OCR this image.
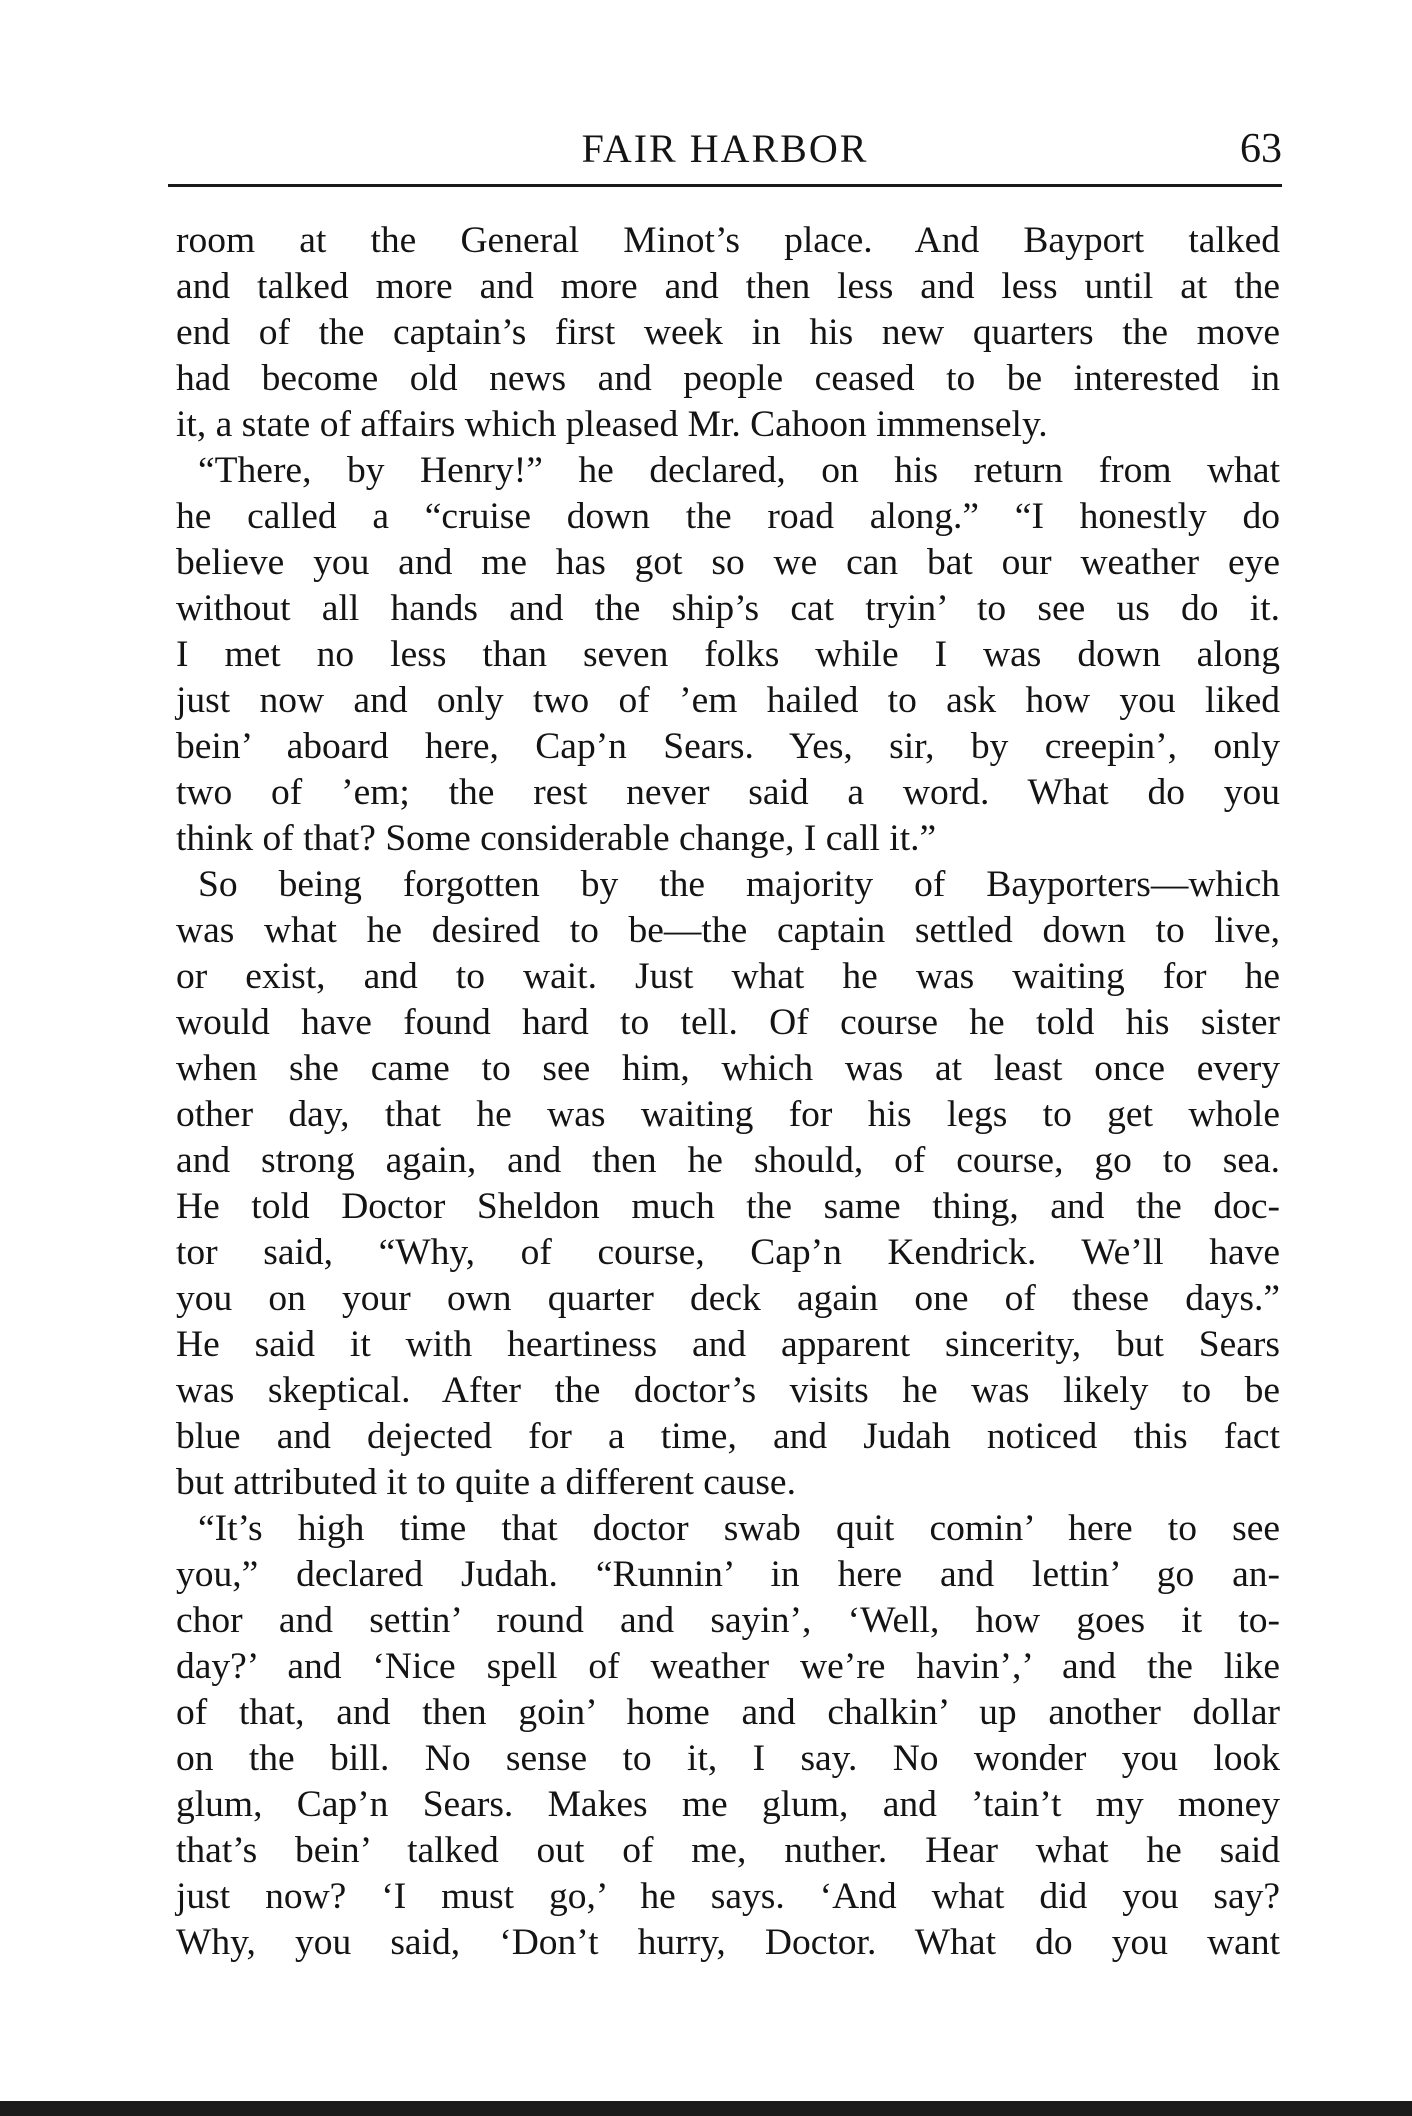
FAIR HARBOR	63
room at the General Minot’s place. And Bayport talked
and talked more and more and then less and less until at the
end of the captain’s first week in his new quarters the move
had become old news and people ceased to be interested in
it, a state of affairs which pleased Mr. Cahoon immensely.
“There, by Henry!” he declared, on his return from what
he called a “cruise down the road along.” “I honestly do
believe you and me has got so we can bat our weather eye
without all hands and the ship’s cat tryin’ to see us do it.
I met no less than seven folks while I was down along
just now and only two of ’em hailed to ask how you liked
bein’ aboard here, Cap’n Sears. Yes, sir, by creepin’, only
two of ’em; the rest never said a word. What do you
think of that? Some considerable change, I call it.”
So being forgotten by the majority of Bayporters—which
was what he desired to be—the captain settled down to live,
or exist, and to wait. Just what he was waiting for he
would have found hard to tell. Of course he told his sister
when she came to see him, which was at least once every
other day, that he was waiting for his legs to get whole
and strong again, and then he should, of course, go to sea.
He told Doctor Sheldon much the same thing, and the doc-
tor said, “Why, of course, Cap’n Kendrick. We’ll have
you on your own quarter deck again one of these days.”
He said it with heartiness and apparent sincerity, but Sears
was skeptical. After the doctor’s visits he was likely to be
blue and dejected for a time, and Judah noticed this fact
but attributed it to quite a different cause.
“It’s high time that doctor swab quit comin’ here to see
you,” declared Judah. “Runnin’ in here and lettin’ go an-
chor and settin’ round and sayin’, ‘Well, how goes it to-
day?’ and ‘Nice spell of weather we’re havin’,’ and the like
of that, and then goin’ home and chalkin’ up another dollar
on the bill. No sense to it, I say. No wonder you look
glum, Cap’n Sears. Makes me glum, and ’tain’t my money
that’s bein’ talked out of me, nuther. Hear what he said
just now? ‘I must go,’ he says. ‘And what did you say?
Why, you said, ‘Don’t hurry, Doctor. What do you want
